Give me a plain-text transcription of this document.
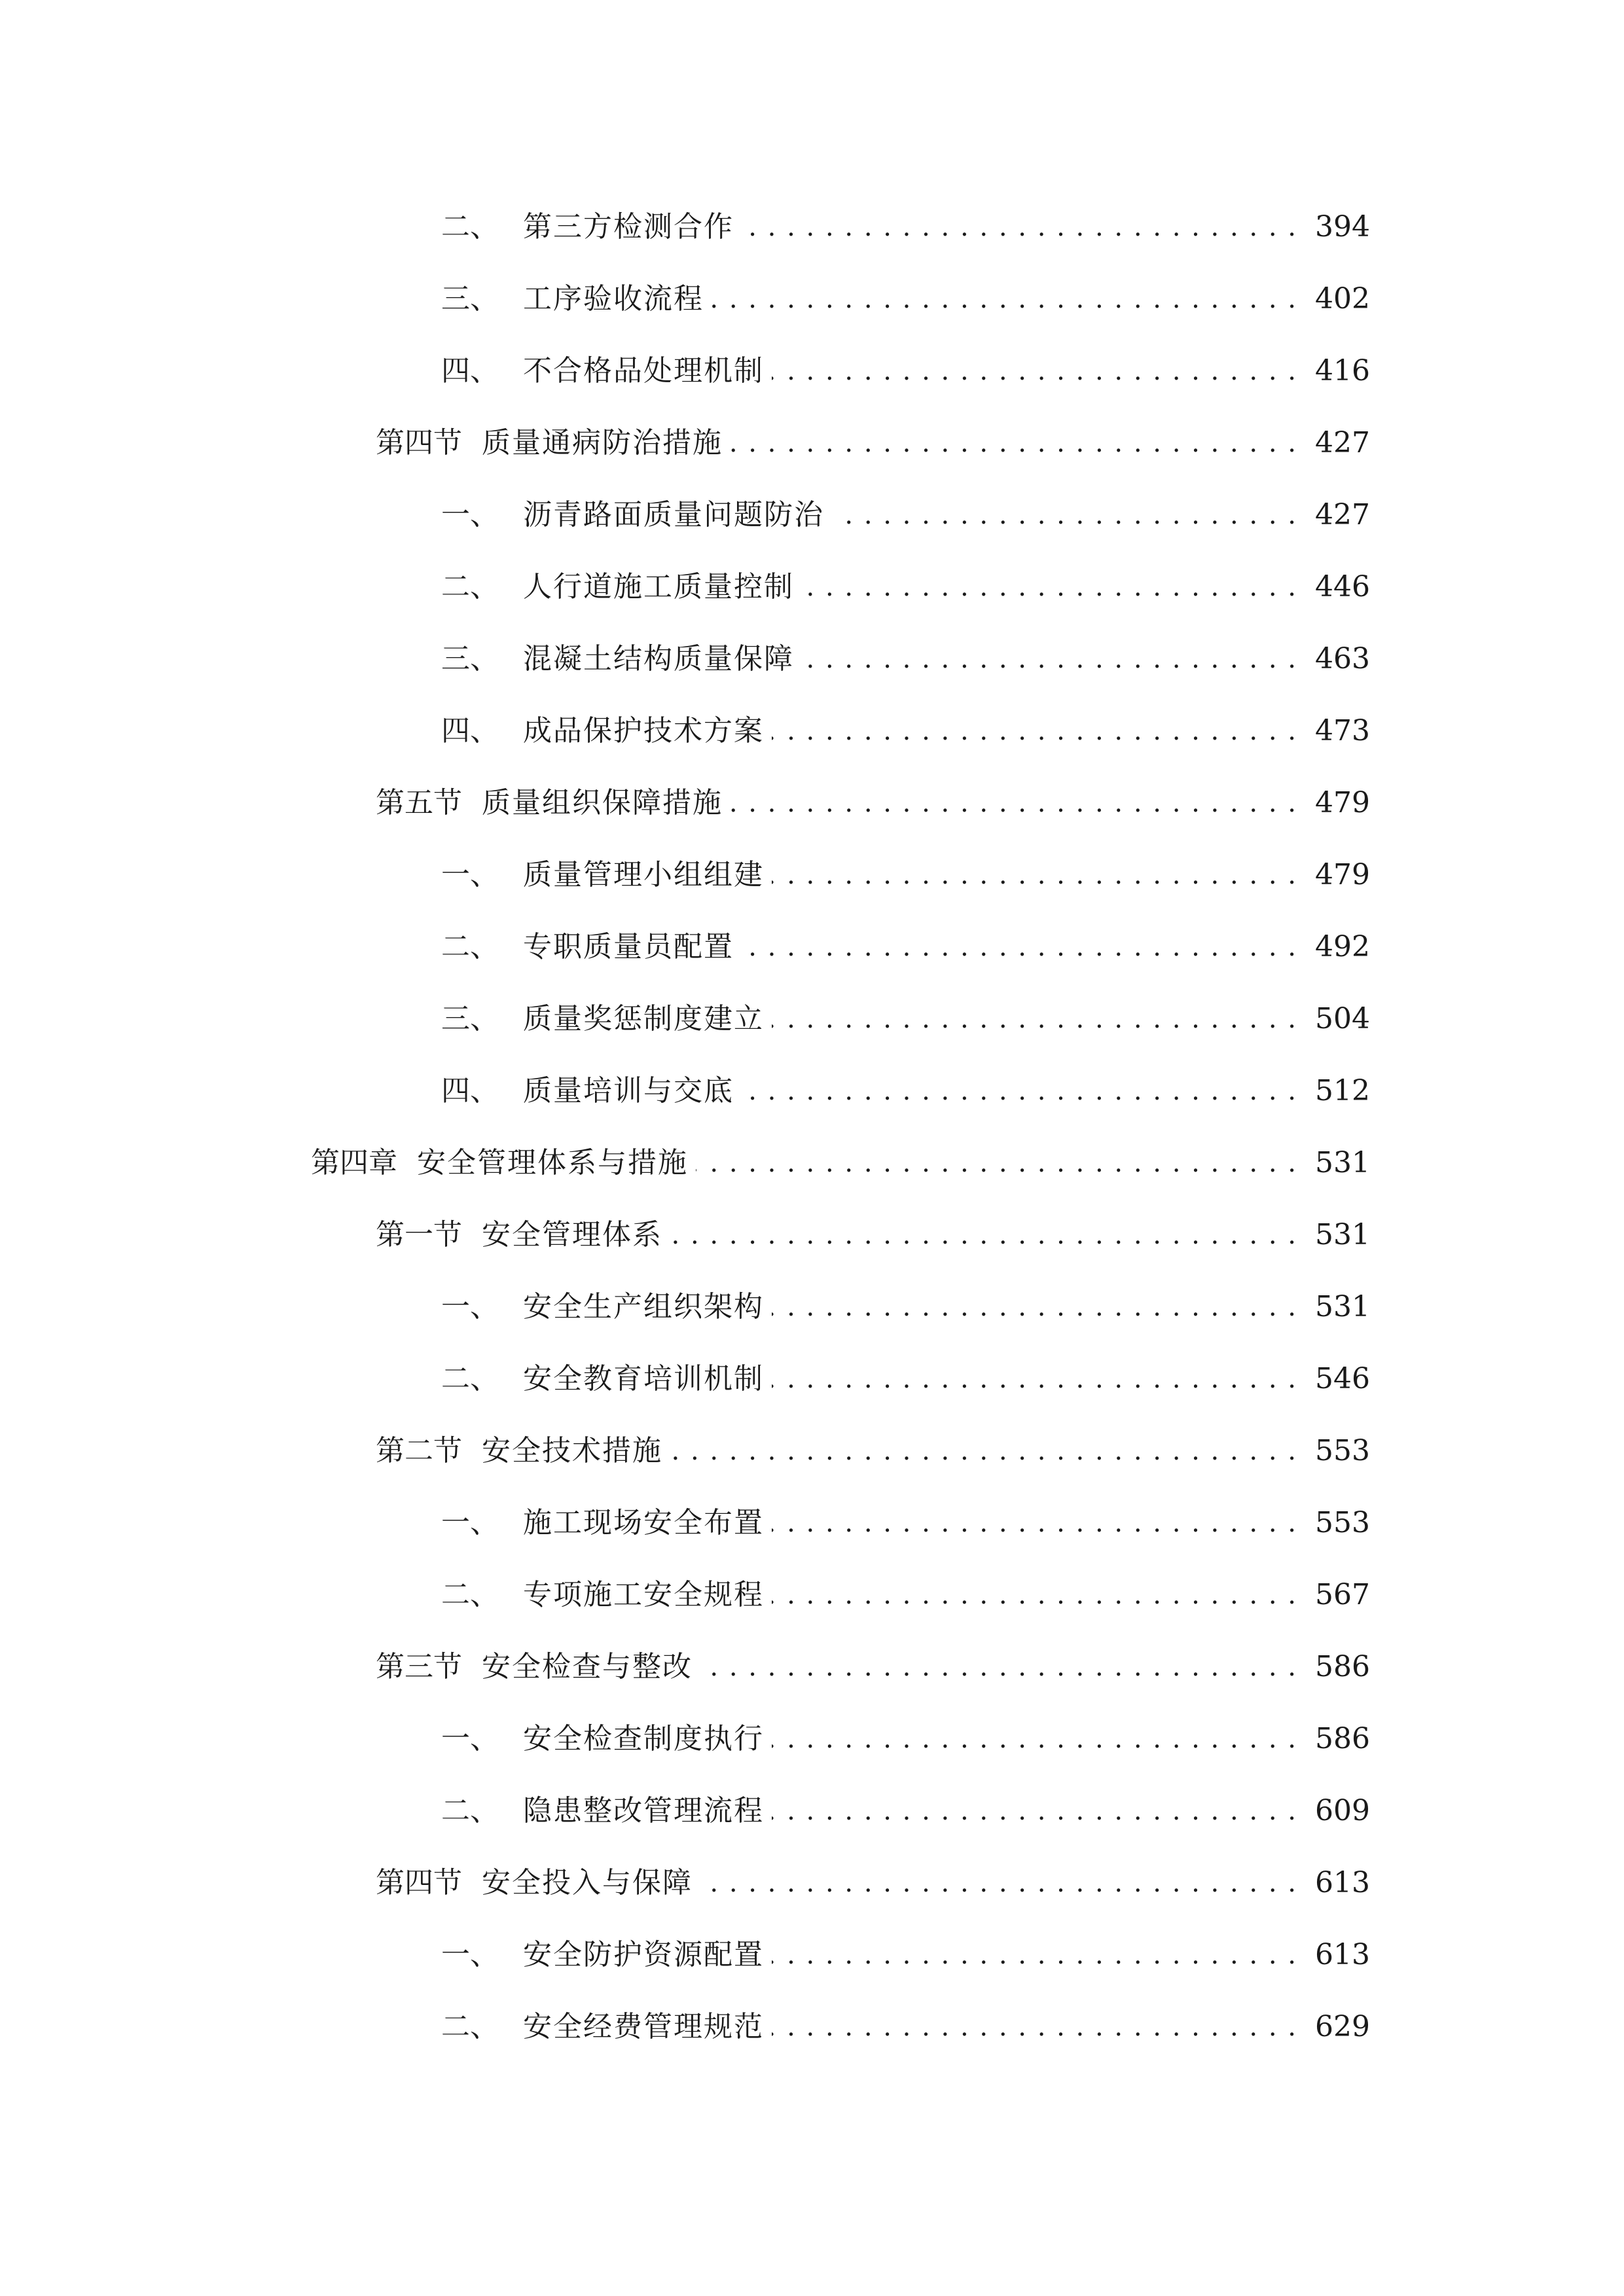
二、 第三方检测合作 . . .	394
三、 工序验收流程 . . .	402
四、 不合格品处理机制 . . .	416
第四节 质量通病防治措施 . . .	427
一、 沥青路面质量问题防治 . . .	427
二、 人行道施工质量控制 . . .	446
三、 混凝土结构质量保障 . . .	463
四、 成品保护技术方案 . . .	473
第五节 质量组织保障措施 . . .	479
一、 质量管理小组组建 . . .	479
二、 专职质量员配置 . . .	492
三、 质量奖惩制度建立 . . .	504
四、 质量培训与交底 . . .	512
第四章 安全管理体系与措施 . . .	531
第一节 安全管理体系 . . .	531
一、 安全生产组织架构 . . .	531
二、 安全教育培训机制 . . .	546
第二节 安全技术措施 . . .	553
一、 施工现场安全布置 . . .	553
二、 专项施工安全规程 . . .	567
第三节 安全检查与整改 . . .	586
一、 安全检查制度执行 . . .	586
二、 隐患整改管理流程 . . .	609
第四节 安全投入与保障 . . .	613
一、 安全防护资源配置 . . .	613
二、 安全经费管理规范 . . .	629
